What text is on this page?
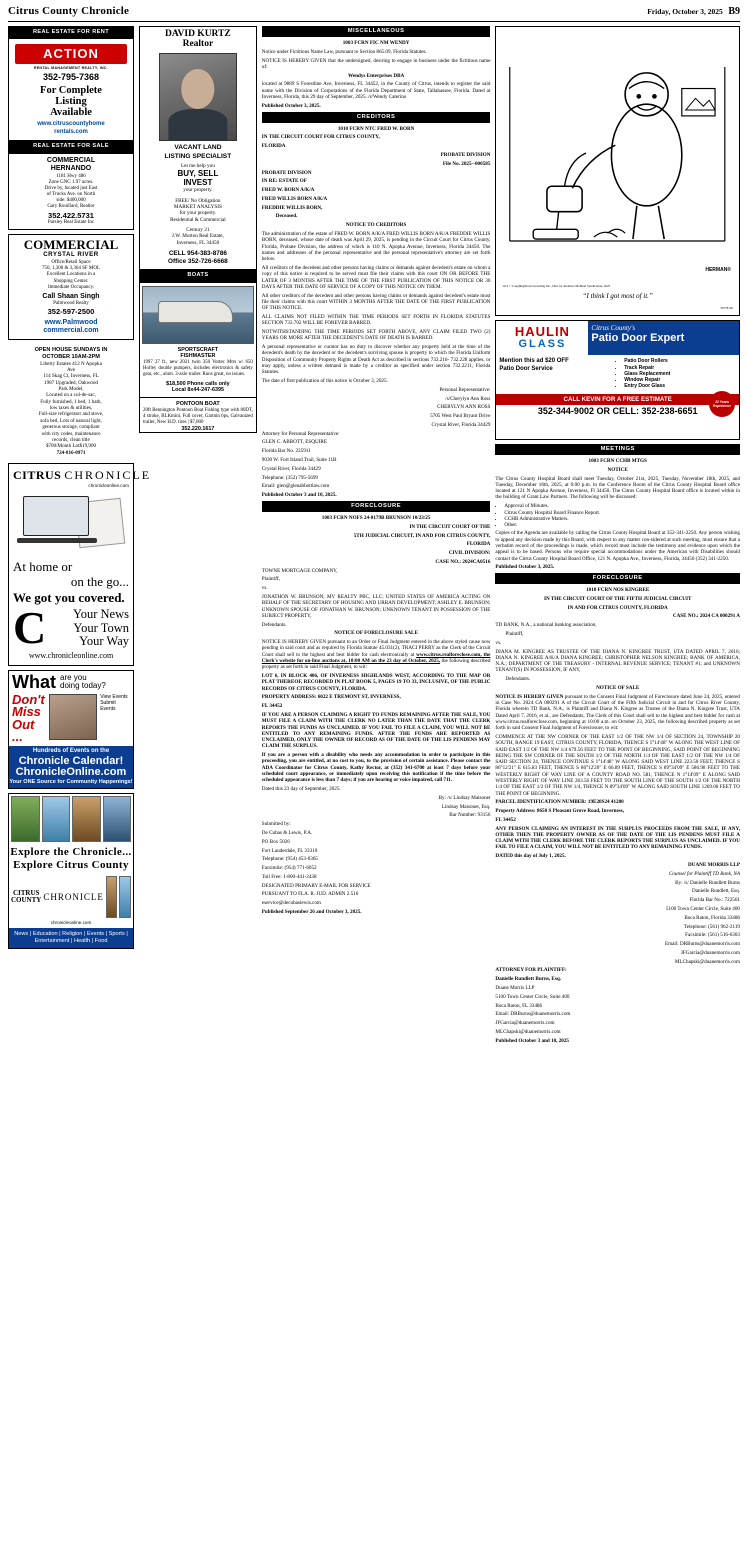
Citrus County Chronicle	Friday, October 3, 2025 B9
REAL ESTATE FOR RENT
ACTION
RENTAL MANAGEMENT REALTY, INC.
352-795-7368
For Complete
Listing
Available
www.citruscountyhome
rentals.com
REAL ESTATE FOR SALE
COMMERCIAL
HERNANDO
1181 Hwy 486
Zone GNC 1.97 acres.
Drive by, located just East
of Trucks Ave. on North
side. $400,000
Gary Rouillard, Realtor
352.422.5731
Parsley Real Estate Inc
COMMERCIAL
CRYSTAL RIVER
Office/Retail Space
750, 1,300 & 3,364 SF MOL
Excellent Locations in a
Shopping Center.
Immediate Occupancy.
Call Shaan Singh
Palmwood Realty
352-597-2500
www.Palmwood
commercial.com
OPEN HOUSE SUNDAYS IN
OCTOBER 10AM-2PM
Liberty Estates 412 N Apopka
Ave
114 Skag Ct, Inverness, FL
1987 Upgraded, Oakwood
Park Model,
Located on a cul-de-sac,
Fully furnished, 1 bed, 1 bath,
low taxes & utilities,
Full-size refrigerator and stove,
sofa bed, Lots of natural light,
generous storage, compliant
with city codes, maintenance
records, clean title
$700/Month Lot$19,900
724-816-0971
CITRUS CHRONICLE
chronicleonline.com
At home or
on the go...
We got you covered.
C Your News
Your Town
Your Way
www.chronicleonline.com
What are you
doing today?
Don't
Miss
Out ...
View Events
Submit Events
Hundreds of Events on the
Chronicle Calendar!
ChronicleOnline.com
Your ONE Source for Community Happenings!
Explore the Chronicle... Explore Citrus County
CITRUS
COUNTY CHRONICLE
chronicleonline.com
News | Education | Religion | Events | Sports | Entertainment | Health | Food
DAVID KURTZ
Realtor
VACANT LAND
LISTING SPECIALIST
Let me help you
BUY, SELL
INVEST
your property.
FREE/ No Obligation
MARKET ANALYSIS
for your property.
Residential & Commercial
Century 21
J.W. Morton Real Estate,
Inverness, FL 34450
CELL 954-383-8786
Office 352-726-6668
BOATS
SPORTSCRAFT
FISHMASTER
1997 27 ft., new 2021 twin 350 Vortec Mtrs w/ 650 Holley double pumpers, includes electronics & safety gear, etc., alum. 3-axle trailer. Runs great, no issues.
$18,500 Phone calls only
Local 8x44-247-6395
PONTOON BOAT
20ft Bennington Pontoon Boat Fishing type with 80DT, 4 stroke, BLKmini, Full cover, Garmin 6ps, Galvanized trailer, New H.D. tires | $7,800
352.220.1617
MISCELLANEOUS

1003 FCRN FIC NM WENDY

Notice under Fictitious Name Law, pursuant to Section 865.09, Florida Statutes.

NOTICE IS HEREBY GIVEN that the undersigned, desiring to engage in business under the fictitious name of:

Wendys Enterprises DBA

located at 9889 S Forestline Ave, Inverness, FL 34452, in the County of Citrus, intends to register the said name with the Division of Corporations of the Florida Department of State, Tallahassee, Florida. Dated at Inverness, Florida, this 29 day of September, 2025. /s/Wendy Caterino

Published October 3, 2025.

CREDITORS

1010 FCRN NTC FRED W. BORN

IN THE CIRCUIT COURT FOR CITRUS COUNTY,

FLORIDA

PROBATE DIVISION

File No. 2025--000585

PROBATE DIVISION

IN RE: ESTATE OF

FRED W. BORN A/K/A

FRED WILLIS BORN A/K/A

FREDDIE WILLIS BORN,

Deceased.

NOTICE TO CREDITORS

The administration of the estate of FRED W. BORN A/K/A FRED WILLIS BORN A/K/A FREDDIE WILLIS BORN, deceased, whose date of death was April 29, 2025, is pending in the Circuit Court for Citrus County, Florida, Probate Division, the address of which is 110 N. Apopka Avenue, Inverness, Florida 34450. The names and addresses of the personal representative and the personal representative's attorney are set forth below.

All creditors of the decedent and other persons having claims or demands against decedent's estate on whom a copy of this notice is required to be served must file their claims with this court ON OR BEFORE THE LATER OF 3 MONTHS AFTER THE TIME OF THE FIRST PUBLICATION OF THIS NOTICE OR 30 DAYS AFTER THE DATE OF SERVICE OF A COPY OF THIS NOTICE ON THEM.

All other creditors of the decedent and other persons having claims or demands against decedent's estate must file their claims with this court WITHIN 3 MONTHS AFTER THE DATE OF THE FIRST PUBLICATION OF THIS NOTICE.

ALL CLAIMS NOT FILED WITHIN THE TIME PERIODS SET FORTH IN FLORIDA STATUTES SECTION 733.702 WILL BE FOREVER BARRED.

NOTWITHSTANDING THE TIME PERIODS SET FORTH ABOVE, ANY CLAIM FILED TWO (2) YEARS OR MORE AFTER THE DECEDENT'S DATE OF DEATH IS BARRED.

A personal representative or curator has no duty to discover whether any property held at the time of the decedent's death by the decedent or the decedent's surviving spouse is property to which the Florida Uniform Disposition of Community Property Rights at Death Act as described in sections 732.216- 732.228 applies, or may apply, unless a written demand is made by a creditor as specified under section 732.2211, Florida Statutes.

The date of first publication of this notice is October 3, 2025.

Personal Representative:

/s/Cherylyn Ann Ross

CHERYLYN ANN ROSS

5705 West Paul Bryant Drive

Crystal River, Florida 34429

Attorney for Personal Representative:

GLEN C. ABBOTT, ESQUIRE

Florida Bar No. 235911

9030 W. Fort Island Trail, Suite 11B

Crystal River, Florida 34429

Telephone: (352) 795-5699

Email: glen@glenabbottlaw.com

Published October 3 and 10, 2025.

FORECLOSURE

1003 FCRN NOFS 24-0179B BRUNSON 10/23/25

IN THE CIRCUIT COURT OF THE

5TH JUDICIAL CIRCUIT, IN AND FOR CITRUS COUNTY,

FLORIDA

CIVIL DIVISION:

CASE NO.: 2024CA0516

TOWNE MORTGAGE COMPANY,

Plaintiff,

vs.

JONATHON W. BRUNSON; MV REALTY PBC, LLC; UNITED STATES OF AMERICA ACTING ON BEHALF OF THE SECRETARY OF HOUSING AND URBAN DEVELOPMENT; ASHLEY E. BRUNSON; UNKNOWN SPOUSE OF JONATHAN W. BRUNSON; UNKNOWN TENANT IN POSSESSION OF THE SUBJECT PROPERTY,

Defendants.

NOTICE OF FORECLOSURE SALE

NOTICE IS HEREBY GIVEN pursuant to an Order or Final Judgment entered in the above styled cause now pending in said court and as required by Florida Statute 45.031(2), TRACI PERRY as the Clerk of the Circuit Court shall sell to the highest and best bidder for cash electronically at www.citrus.realforeclose.com, the Clerk's website for on-line auctions at, 10:00 AM on the 23 day of October, 2025, the following described property as set forth in said Final Judgment, to wit:

LOT 6, IN BLOCK 406, OF INVERNESS HIGHLANDS WEST, ACCORDING TO THE MAP OR PLAT THEREOF, RECORDED IN PLAT BOOK 5, PAGES 19 TO 33, INCLUSIVE, OF THE PUBLIC RECORDS OF CITRUS COUNTY, FLORIDA.

PROPERTY ADDRESS: 6022 E TREMONT ST, INVERNESS,

FL 34452

IF YOU ARE A PERSON CLAIMING A RIGHT TO FUNDS REMAINING AFTER THE SALE, YOU MUST FILE A CLAIM WITH THE CLERK NO LATER THAN THE DATE THAT THE CLERK REPORTS THE FUNDS AS UNCLAIMED. IF YOU FAIL TO FILE A CLAIM, YOU WILL NOT BE ENTITLED TO ANY REMAINING FUNDS. AFTER THE FUNDS ARE REPORTED AS UNCLAIMED, ONLY THE OWNER OF RECORD AS OF THE DATE OF THE LIS PENDENS MAY CLAIM THE SURPLUS.

If you are a person with a disability who needs any accommodation in order to participate in this proceeding, you are entitled, at no cost to you, to the provision of certain assistance. Please contact the ADA Coordinator for Citrus County, Kathy Rector, at (352) 341-6700 at least 7 days before your scheduled court appearance, or immediately upon receiving this notification if the time before the scheduled appearance is less than 7 days; if you are hearing or voice impaired, call 711.

Dated this 23 day of September, 2025.

By: /s/ Lindsay Maisonet

Lindsay Maisonet, Esq.

Bar Number: 93156

Submitted by:

De Cubas & Lewis, P.A.

PO Box 5026

Fort Lauderdale, FL 33310

Telephone: (954) 453-0365

Facsimile: (954) 771-6052

Toll Free: 1-800-441-2438

DESIGNATED PRIMARY E-MAIL FOR SERVICE

PURSUANT TO FLA. R. JUD. ADMIN 2.516

eservice@decubaslewis.com

Published September 26 and October 3, 2025.

HERMAN®
10-3 © LaughingStock Licensing Inc., Dist. by Andrews McMeel Syndication, 2025
“I think I got most of it.”
59778102
HAULIN
GLASS
Citrus County's
Patio Door Expert
Mention this ad $20 OFF
Patio Door Service
• Patio Door Rollers
• Track Repair
• Glass Replacement
• Window Repair
• Entry Door Glass
CALL KEVIN FOR A FREE ESTIMATE
352-344-9002 OR CELL: 352-238-6651
22 Years Experience
MEETINGS

1003 FCRN CCHB MTGS

NOTICE

The Citrus County Hospital Board shall meet Tuesday, October 21st, 2025, Tuesday, November 18th, 2025, and Tuesday, December 16th, 2025, at 6:00 p.m. in the Conference Room of the Citrus County Hospital Board office located at 121 N Apopka Avenue, Inverness, Fl 34450. The Citrus County Hospital Board office is located within in the building of Grant Law Partners. The following will be discussed:

• Approval of Minutes.
• Citrus County Hospital Board Finance Report.
• CCHB Administrative Matters.
• Other.

Copies of the Agenda are available by calling the Citrus County Hospital Board at 352-341-2250. Any person wishing to appeal any decision made by this Board, with respect to any matter con-sidered at such meeting, must ensure that a verbatim record of the proceedings is made, which record must include the testimony and evidence upon which the appeal is to be based. Persons who require special accommodations under the American with Disabilities should contact the Citrus County Hospital Board Office, 121 N. Apopka Ave., Inverness, Florida, 34450 (352) 341-2250.

Published October 3, 2025.

FORECLOSURE

1010 FCRN NOS KINGREE

IN THE CIRCUIT COURT OF THE FIFTH JUDICIAL CIRCUIT

IN AND FOR CITRUS COUNTY, FLORIDA

CASE NO.: 2024 CA 000291 A

TD BANK, N.A., a national banking association,

Plaintiff,

vs.

DIANA M. KINGREE AS TRUSTEE OF THE DIANA N. KINGREE TRUST, UTA DATED APRIL 7, 2016; DIANA N. KINGREE A/K/A DIANA KINGREE; CHRISTOPHER NELSON KINGREE; BANK OF AMERICA, N.A.; DEPARTMENT OF THE TREASURY - INTERNAL REVENUE SERVICE; TENANT #1; and UNKNOWN TENANT(S) IN POSSESSION, IF ANY,

Defendants.

NOTICE OF SALE

NOTICE IS HEREBY GIVEN pursuant to the Consent Final Judgment of Foreclosure dated June 24, 2025, entered in Case No. 2024 CA 000291 A of the Circuit Court of the Fifth Judicial Circuit in and for Citrus River County, Florida wherein TD Bank, N.A., is Plaintiff and Diana N. Kingree as Trustee of the Diana N. Kingree Trust, UTA Dated April 7, 2016, et al., are Defendants, The Clerk of this Court shall sell to the highest and best bidder for cash at www.citrus.realforeclose.com, beginning at 10:00 a.m. on October 23, 2025, the following described property as set forth in said Consent Final Judgment of Foreclosure, to wit:

COMMENCE AT THE NW CORNER OF THE EAST 1/2 OF THE NW 1/4 OF SECTION 24, TOWNSHIP 20 SOUTH, RANGE 19 EAST, CITRUS COUNTY, FLORIDA, THENCE S 1°14'48" W ALONG THE WEST LINE OF SAID EAST 1/2 OF THE NW 1/4 679.56 FEET TO THE POINT OF BEGINNING, SAID POINT OF BEGINNING BEING THE SW CORNER OF THE SOUTH 1/2 OF THE NORTH 1/4 OF THE EAST 1/2 OF THE NW 1/4 OF SAID SECTION 24, THENCE CONTINUE S 1°14'48" W ALONG SAID WEST LINE 223.50 FEET, THENCE S 86°12'21" E 615.83 FEET, THENCE S 86°12'20" E 66.89 FEET, THENCE S 89°34'09" E 586.98 FEET TO THE WESTERLY RIGHT OF WAY LINE OF A COUNTY ROAD NO. 581, THENCE N 1°14'09" E ALONG SAID WESTERLY RIGHT OF WAY LINE 263.56 FEET TO THE SOUTH LINE OF THE SOUTH 1/2 OF THE NORTH 1/4 OF THE EAST 1/2 OF THE NW 1/4, THENCE N 89°34'09" W ALONG SAID SOUTH LINE 1269.06 FEET TO THE POINT OF BEGINNING.

PARCEL IDENTIFICATION NUMBER: 19E20S24 41200

Property Address: 8650 S Pleasant Grove Road, Inverness,

FL 34452

ANY PERSON CLAIMING AN INTEREST IN THE SURPLUS PROCEEDS FROM THE SALE, IF ANY, OTHER THEN THE PROPERTY OWNER AS OF THE DATE OF THE LIS PENDENS MUST FILE A CLAIM WITH THE CLERK BEFORE THE CLERK REPORTS THE SURPLUS AS UNCLAIMED. IF YOU FAIL TO FILE A CLAIM, YOU WILL NOT BE ENTITLED TO ANY REMAINING FUNDS.

DATED this day of July 1, 2025.

DUANE MORRIS LLP

Counsel for Plaintiff TD Bank, NA

By: /s/ Danielle Rundlett Burns

Danielle Rundlett, Esq.

Florida Bar No.: 722561

5100 Town Center Circle, Suite 400

Boca Raton, Florida 33486

Telephone: (561) 962-2119

Facsimile: (561) 516-6303

Email: DRBurns@duanemorris.com

JFGarcia@duanemorris.com

MLChapski@duanemorris.com

ATTORNEY FOR PLAINTIFF:

Danielle Rundlett Burns, Esq.

Duane Morris LLP

5100 Town Center Circle, Suite 400

Boca Raton, FL 33486

Email: DRBurns@duanemorris.com

JFGarcia@duanemorris.com

MLChapski@duanemorris.com

Published October 3 and 10, 2025
